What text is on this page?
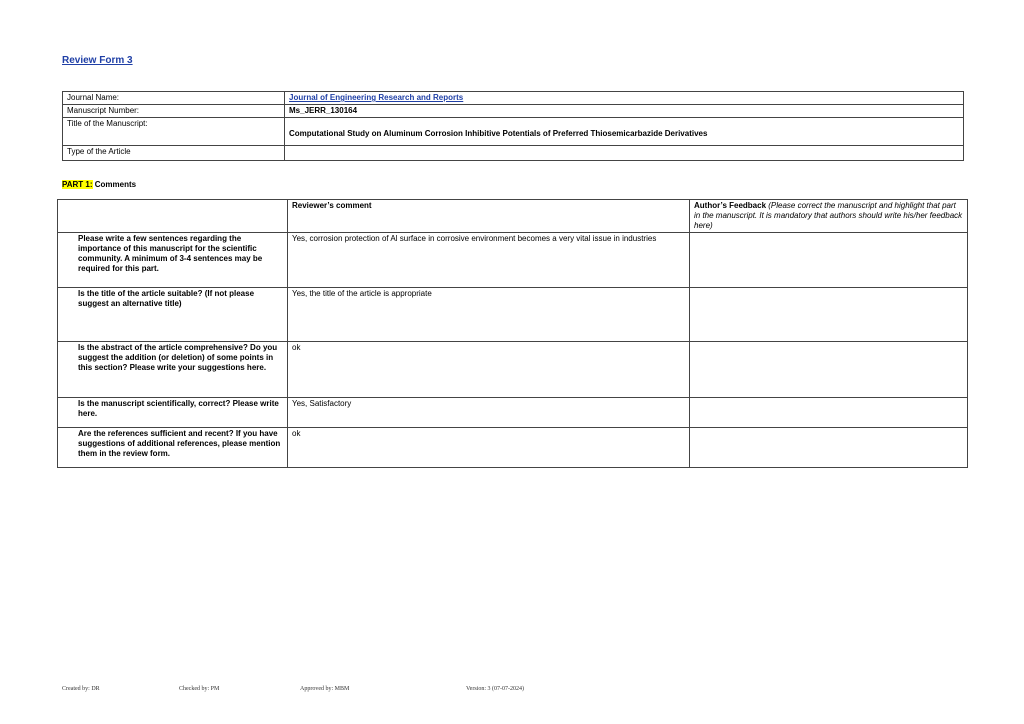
Review Form 3
Journal Name:	Journal of Engineering Research and Reports
Manuscript Number:	Ms_JERR_130164
Title of the Manuscript:	Computational Study on Aluminum Corrosion Inhibitive Potentials of Preferred Thiosemicarbazide Derivatives
Type of the Article	
PART 1: Comments
	Reviewer’s comment	Author’s Feedback (Please correct the manuscript and highlight that part in the manuscript. It is mandatory that authors should write his/her feedback here)
Please write a few sentences regarding the importance of this manuscript for the scientific community. A minimum of 3-4 sentences may be required for this part.	Yes, corrosion protection of Al surface in corrosive environment becomes a very vital issue in industries	
Is the title of the article suitable? (If not please suggest an alternative title)	Yes, the title of the article is appropriate	
Is the abstract of the article comprehensive? Do you suggest the addition (or deletion) of some points in this section? Please write your suggestions here.	ok	
Is the manuscript scientifically, correct? Please write here.	Yes, Satisfactory	
Are the references sufficient and recent? If you have suggestions of additional references, please mention them in the review form.	ok	
Created by: DR	Checked by: PM	Approved by: MBM	Version: 3 (07-07-2024)
